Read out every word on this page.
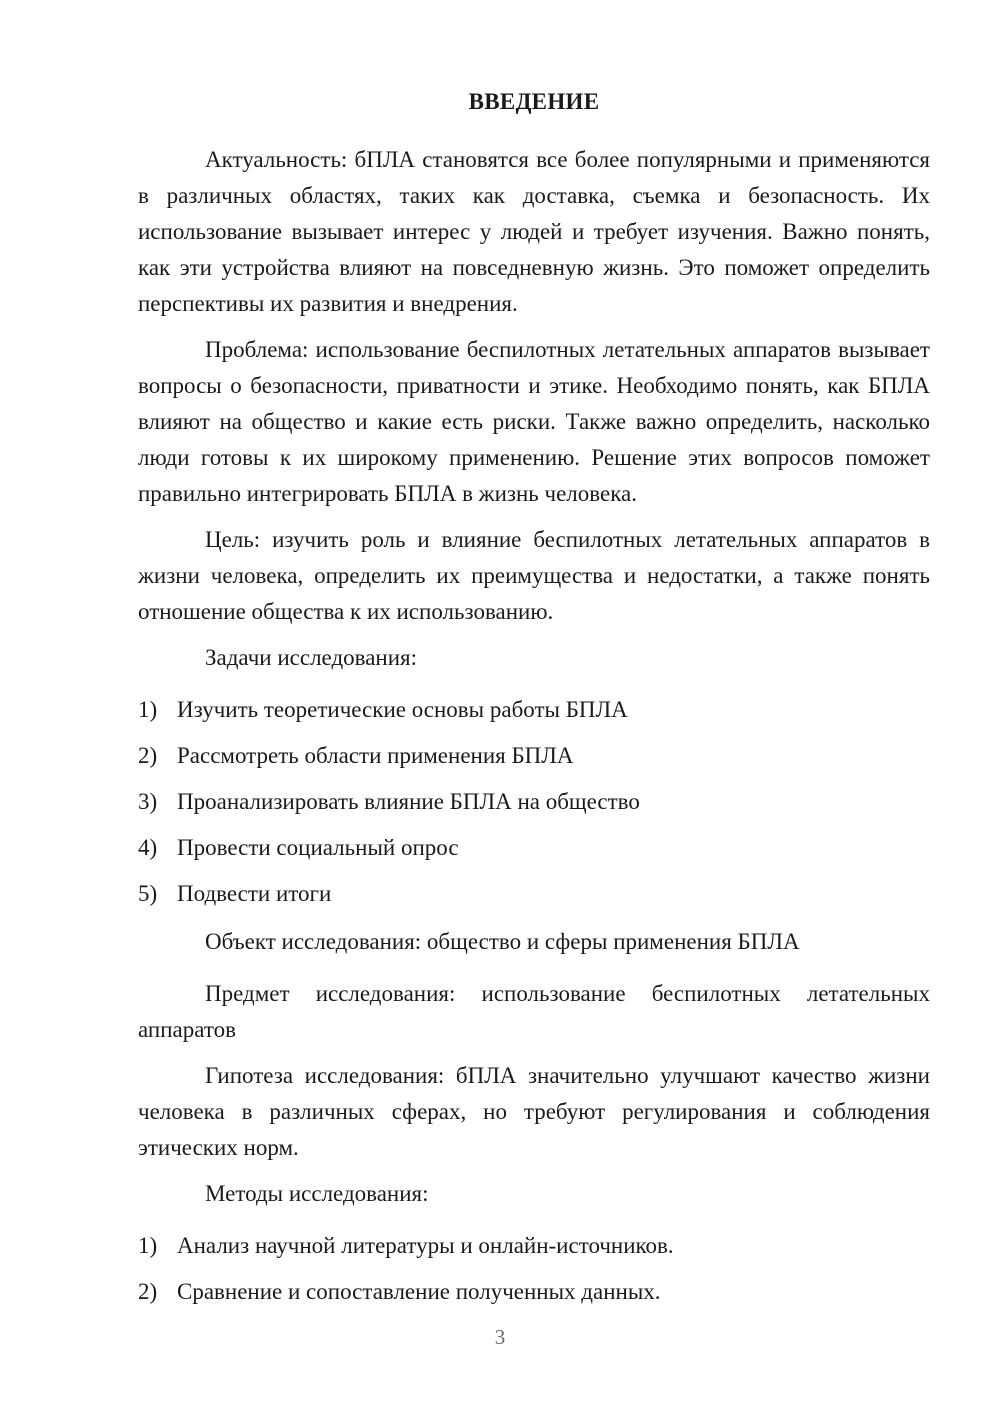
ВВЕДЕНИЕ

Актуальность: бПЛА становятся все более популярными и применяются в различных областях, таких как доставка, съемка и безопасность. Их использование вызывает интерес у людей и требует изучения. Важно понять, как эти устройства влияют на повседневную жизнь. Это поможет определить перспективы их развития и внедрения.

Проблема: использование беспилотных летательных аппаратов вызывает вопросы о безопасности, приватности и этике. Необходимо понять, как БПЛА влияют на общество и какие есть риски. Также важно определить, насколько люди готовы к их широкому применению. Решение этих вопросов поможет правильно интегрировать БПЛА в жизнь человека.

Цель: изучить роль и влияние беспилотных летательных аппаратов в жизни человека, определить их преимущества и недостатки, а также понять отношение общества к их использованию.

Задачи исследования:

1) Изучить теоретические основы работы БПЛА
2) Рассмотреть области применения БПЛА
3) Проанализировать влияние БПЛА на общество
4) Провести социальный опрос
5) Подвести итоги

Объект исследования: общество и сферы применения БПЛА

Предмет исследования: использование беспилотных летательных аппаратов

Гипотеза исследования: бПЛА значительно улучшают качество жизни человека в различных сферах, но требуют регулирования и соблюдения этических норм.

Методы исследования:

1) Анализ научной литературы и онлайн-источников.
2) Сравнение и сопоставление полученных данных.
3
